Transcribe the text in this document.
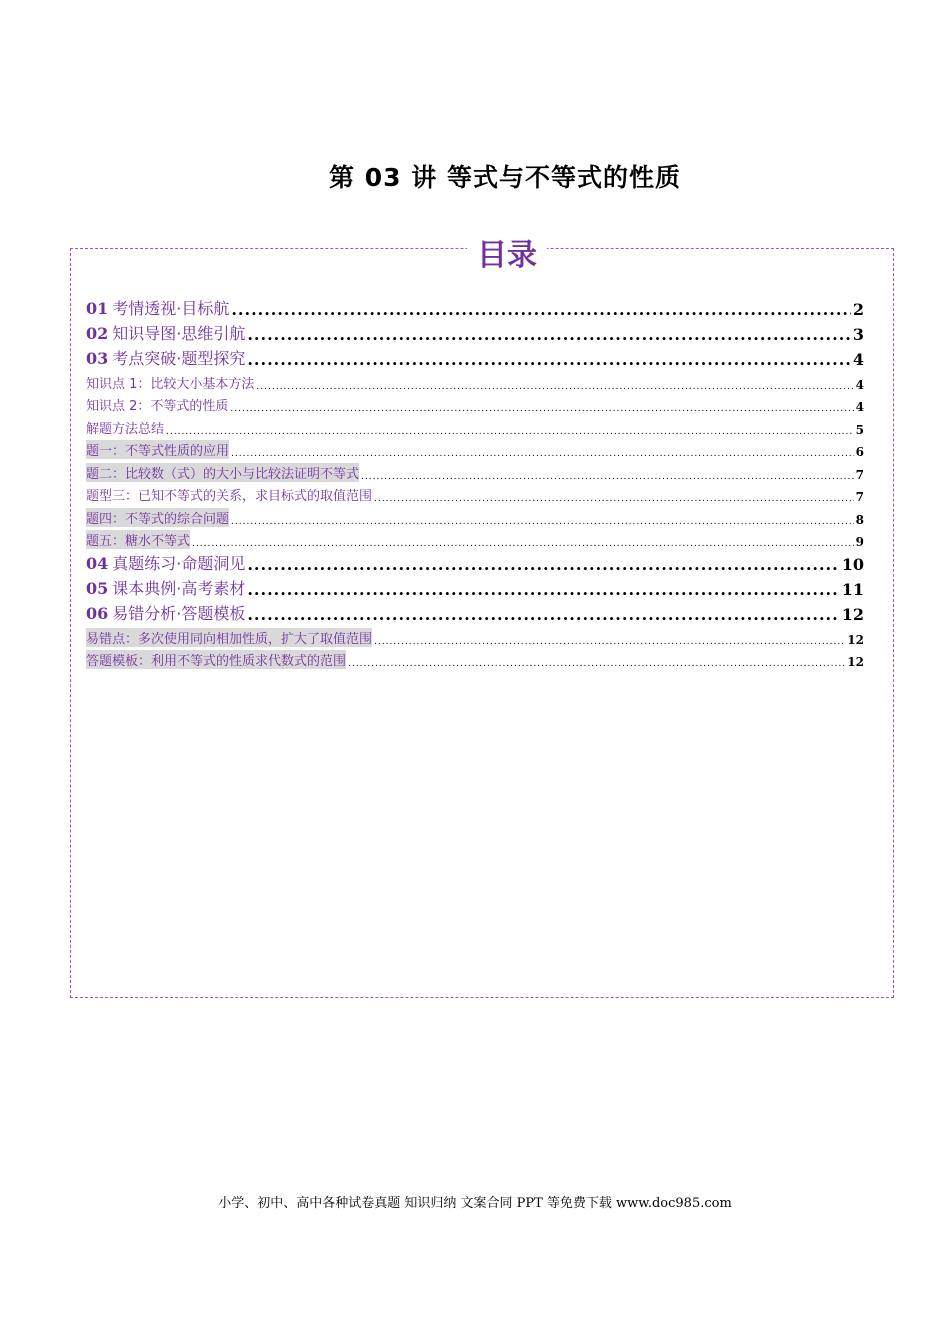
第 03 讲 等式与不等式的性质
目录
01 考情透视·目标航 .....	2
02 知识导图·思维引航 .....	3
03 考点突破·题型探究 .....	4
知识点 1：比较大小基本方法 .....	4
知识点 2：不等式的性质 .....	4
解题方法总结 .....	5
题一：不等式性质的应用 .....	6
题二：比较数（式）的大小与比较法证明不等式 .....	7
题型三：已知不等式的关系，求目标式的取值范围 .....	7
题四：不等式的综合问题 .....	8
题五：糖水不等式 .....	9
04 真题练习·命题洞见 .....	10
05 课本典例·高考素材 .....	11
06 易错分析·答题模板 .....	12
易错点：多次使用同向相加性质，扩大了取值范围 .....	12
答题模板：利用不等式的性质求代数式的范围 .....	12
小学、初中、高中各种试卷真题 知识归纳 文案合同 PPT 等免费下载 www.doc985.com
